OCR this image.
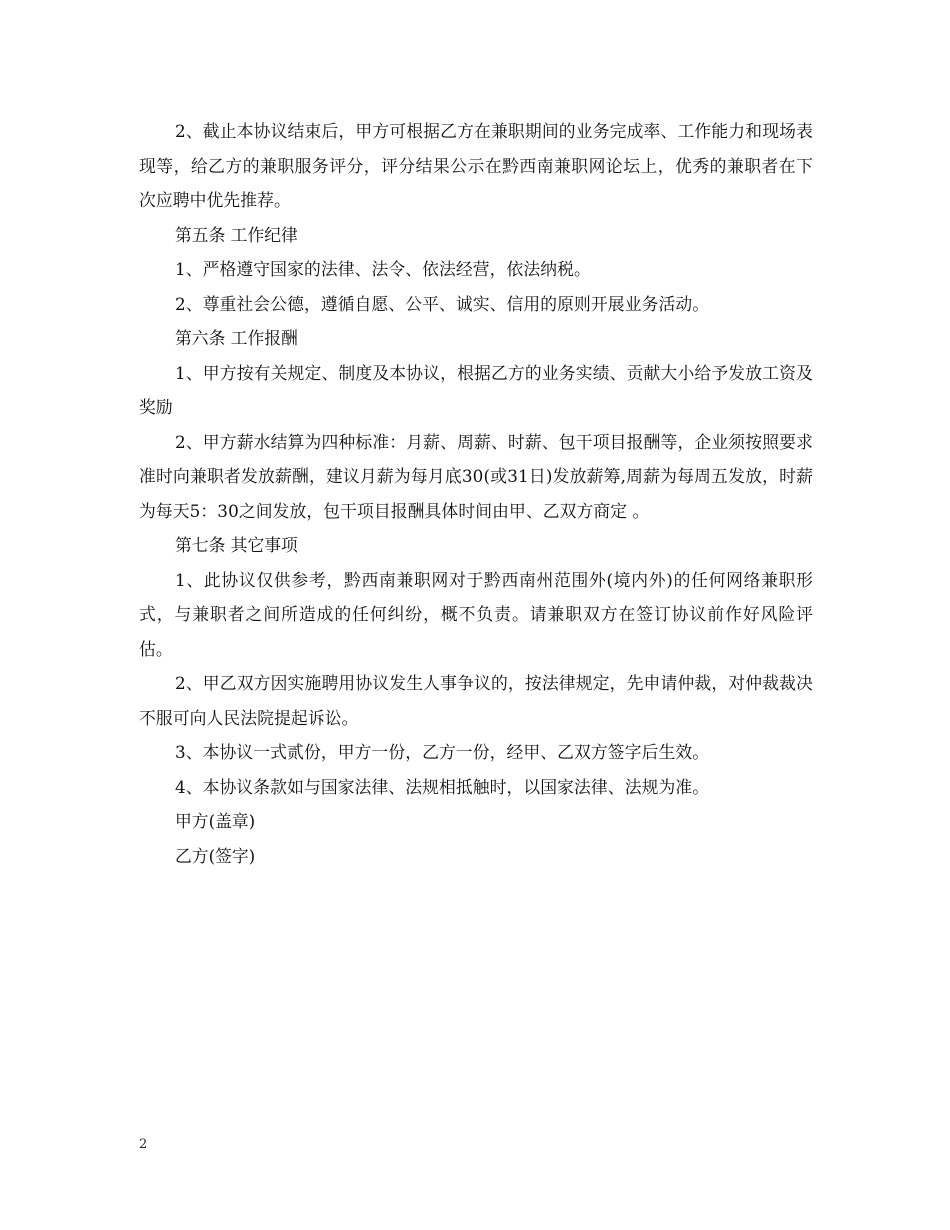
2、截止本协议结束后，甲方可根据乙方在兼职期间的业务完成率、工作能力和现场表现等，给乙方的兼职服务评分，评分结果公示在黔西南兼职网论坛上，优秀的兼职者在下次应聘中优先推荐。

第五条 工作纪律

1、严格遵守国家的法律、法令、依法经营，依法纳税。

2、尊重社会公德，遵循自愿、公平、诚实、信用的原则开展业务活动。

第六条 工作报酬

1、甲方按有关规定、制度及本协议，根据乙方的业务实绩、贡献大小给予发放工资及奖励

2、甲方薪水结算为四种标准：月薪、周薪、时薪、包干项目报酬等，企业须按照要求准时向兼职者发放薪酬，建议月薪为每月底30(或31日)发放薪筹,周薪为每周五发放，时薪为每天5：30之间发放，包干项目报酬具体时间由甲、乙双方商定 。

第七条 其它事项

1、此协议仅供参考，黔西南兼职网对于黔西南州范围外(境内外)的任何网络兼职形式，与兼职者之间所造成的任何纠纷，概不负责。请兼职双方在签订协议前作好风险评估。

2、甲乙双方因实施聘用协议发生人事争议的，按法律规定，先申请仲裁，对仲裁裁决不服可向人民法院提起诉讼。

3、本协议一式贰份，甲方一份，乙方一份，经甲、乙双方签字后生效。

4、本协议条款如与国家法律、法规相抵触时，以国家法律、法规为准。

甲方(盖章)

乙方(签字)

2
